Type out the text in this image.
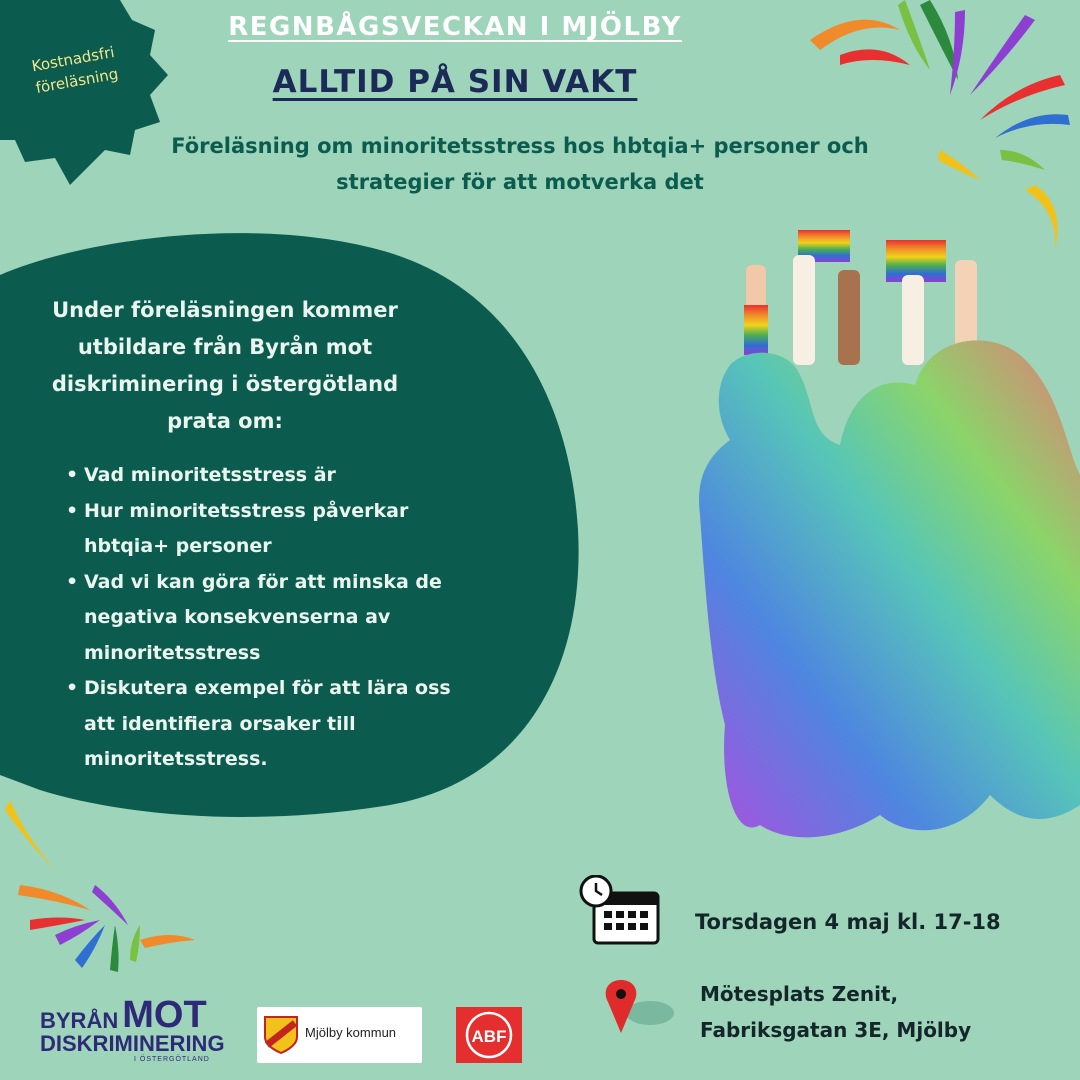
Kostnadsfri föreläsning
REGNBÅGSVECKAN I MJÖLBY
ALLTID PÅ SIN VAKT
Föreläsning om minoritetsstress hos hbtqia+ personer och strategier för att motverka det
Under föreläsningen kommer utbildare från Byrån mot diskriminering i östergötland prata om:
• Vad minoritetsstress är
• Hur minoritetsstress påverkar hbtqia+ personer
• Vad vi kan göra för att minska de negativa konsekvenserna av minoritetsstress
• Diskutera exempel för att lära oss att identifiera orsaker till minoritetsstress.
Torsdagen 4 maj kl. 17-18
Mötesplats Zenit,
Fabriksgatan 3E, Mjölby
BYRÅN MOT
DISKRIMINERING
I ÖSTERGÖTLAND
Mjölby kommun	ABF
